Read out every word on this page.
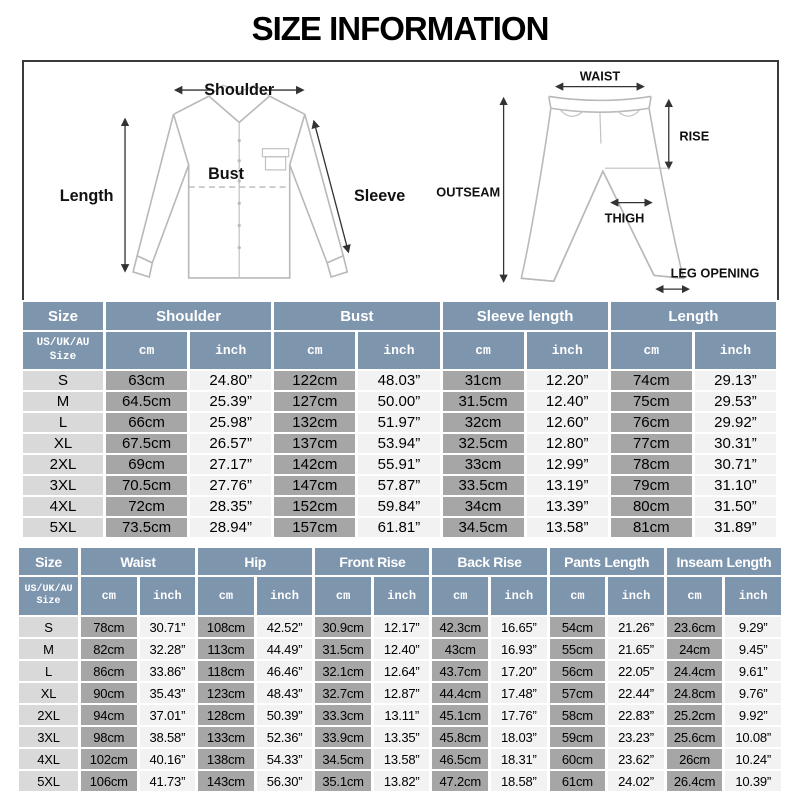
SIZE INFORMATION
Shoulder
Length
Bust
Sleeve
WAIST
RISE
OUTSEAM
THIGH
LEG OPENING
Size	Shoulder		Bust		Sleeve length		Length	
US/UK/AU Size	cm	inch	cm	inch	cm	inch	cm	inch
S	63cm	24.80”	122cm	48.03”	31cm	12.20”	74cm	29.13”
M	64.5cm	25.39”	127cm	50.00”	31.5cm	12.40”	75cm	29.53”
L	66cm	25.98”	132cm	51.97”	32cm	12.60”	76cm	29.92”
XL	67.5cm	26.57”	137cm	53.94”	32.5cm	12.80”	77cm	30.31”
2XL	69cm	27.17”	142cm	55.91”	33cm	12.99”	78cm	30.71”
3XL	70.5cm	27.76”	147cm	57.87”	33.5cm	13.19”	79cm	31.10”
4XL	72cm	28.35”	152cm	59.84”	34cm	13.39”	80cm	31.50”
5XL	73.5cm	28.94”	157cm	61.81”	34.5cm	13.58”	81cm	31.89”
Size	Waist		Hip		Front Rise		Back Rise		Pants Length		Inseam Length	
US/UK/AU Size	cm	inch	cm	inch	cm	inch	cm	inch	cm	inch	cm	inch
S	78cm	30.71”	108cm	42.52”	30.9cm	12.17”	42.3cm	16.65”	54cm	21.26”	23.6cm	9.29”
M	82cm	32.28”	113cm	44.49”	31.5cm	12.40”	43cm	16.93”	55cm	21.65”	24cm	9.45”
L	86cm	33.86”	118cm	46.46”	32.1cm	12.64”	43.7cm	17.20”	56cm	22.05”	24.4cm	9.61”
XL	90cm	35.43”	123cm	48.43”	32.7cm	12.87”	44.4cm	17.48”	57cm	22.44”	24.8cm	9.76”
2XL	94cm	37.01”	128cm	50.39”	33.3cm	13.11”	45.1cm	17.76”	58cm	22.83”	25.2cm	9.92”
3XL	98cm	38.58”	133cm	52.36”	33.9cm	13.35”	45.8cm	18.03”	59cm	23.23”	25.6cm	10.08”
4XL	102cm	40.16”	138cm	54.33”	34.5cm	13.58”	46.5cm	18.31”	60cm	23.62”	26cm	10.24”
5XL	106cm	41.73”	143cm	56.30”	35.1cm	13.82”	47.2cm	18.58”	61cm	24.02”	26.4cm	10.39”
